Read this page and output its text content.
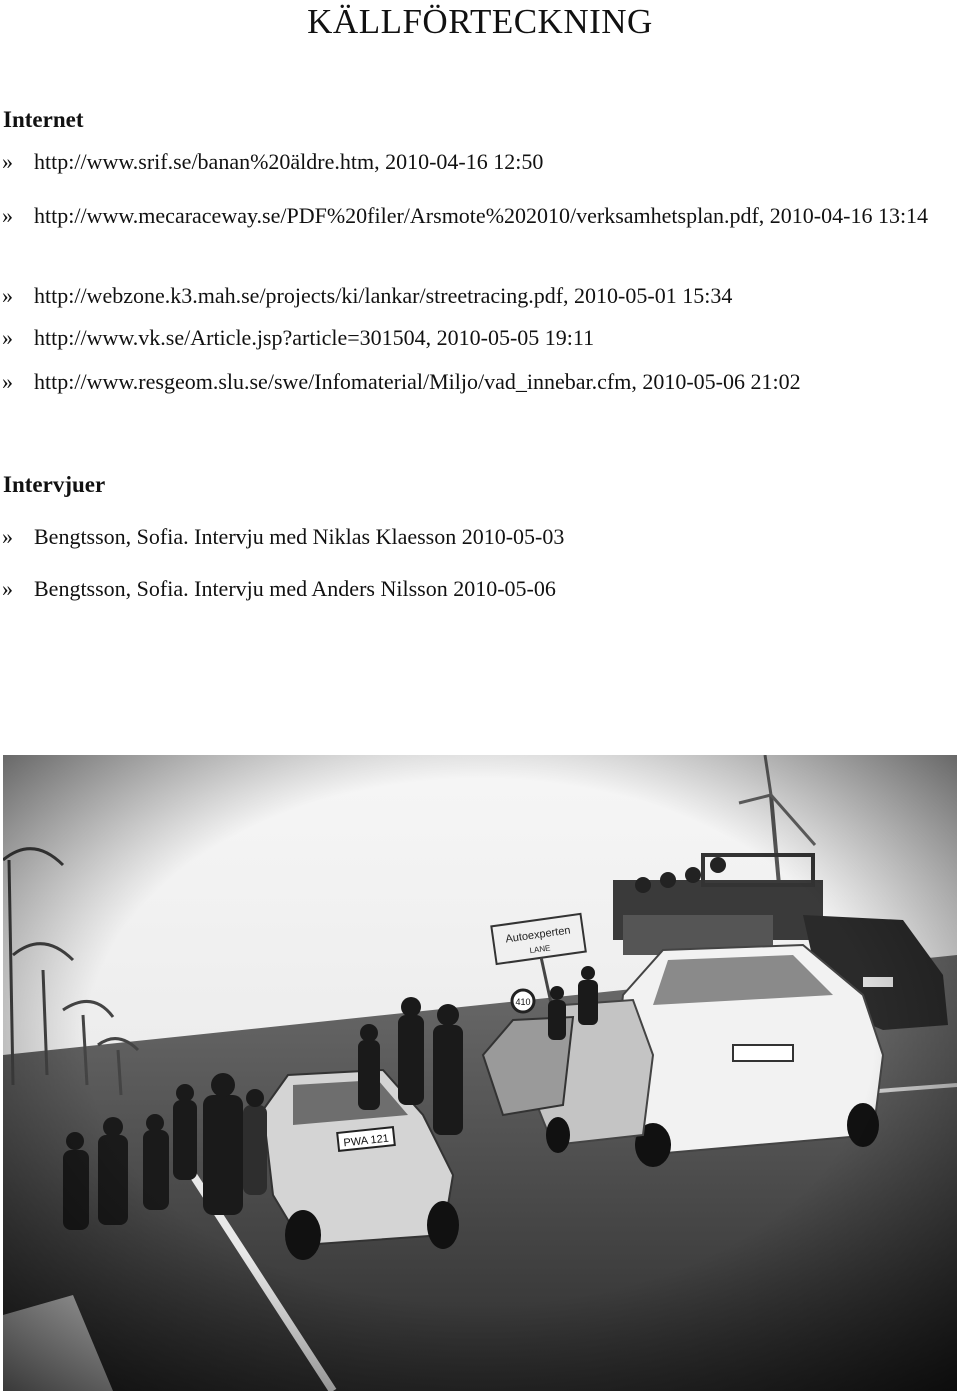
KÄLLFÖRTECKNING
Internet
» http://www.srif.se/banan%20äldre.htm, 2010-04-16 12:50
» http://www.mecaraceway.se/PDF%20filer/Arsmote%202010/verksamhetsplan.pdf, 2010-04-16 13:14
» http://webzone.k3.mah.se/projects/ki/lankar/streetracing.pdf, 2010-05-01 15:34
» http://www.vk.se/Article.jsp?article=301504, 2010-05-05 19:11
» http://www.resgeom.slu.se/swe/Infomaterial/Miljo/vad_innebar.cfm, 2010-05-06 21:02
Intervjuer
» Bengtsson, Sofia. Intervju med Niklas Klaesson 2010-05-03
» Bengtsson, Sofia. Intervju med Anders Nilsson 2010-05-06
